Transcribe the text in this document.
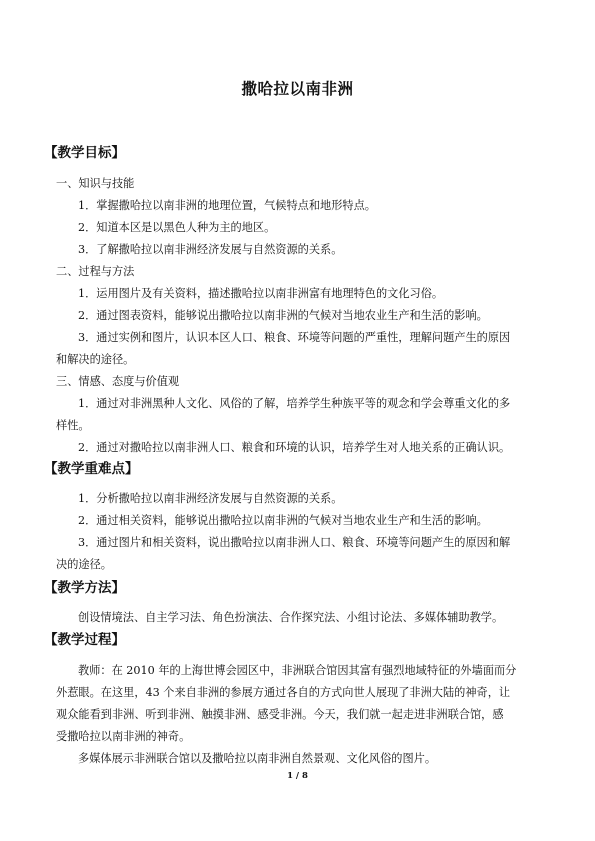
撒哈拉以南非洲
【教学目标】
一、知识与技能
1．掌握撒哈拉以南非洲的地理位置，气候特点和地形特点。
2．知道本区是以黑色人种为主的地区。
3．了解撒哈拉以南非洲经济发展与自然资源的关系。
二、过程与方法
1．运用图片及有关资料，描述撒哈拉以南非洲富有地理特色的文化习俗。
2．通过图表资料，能够说出撒哈拉以南非洲的气候对当地农业生产和生活的影响。
3．通过实例和图片，认识本区人口、粮食、环境等问题的严重性，理解问题产生的原因
和解决的途径。
三、情感、态度与价值观
1．通过对非洲黑种人文化、风俗的了解，培养学生种族平等的观念和学会尊重文化的多
样性。
2．通过对撒哈拉以南非洲人口、粮食和环境的认识，培养学生对人地关系的正确认识。
【教学重难点】
1．分析撒哈拉以南非洲经济发展与自然资源的关系。
2．通过相关资料，能够说出撒哈拉以南非洲的气候对当地农业生产和生活的影响。
3．通过图片和相关资料，说出撒哈拉以南非洲人口、粮食、环境等问题产生的原因和解
决的途径。
【教学方法】
创设情境法、自主学习法、角色扮演法、合作探究法、小组讨论法、多媒体辅助教学。
【教学过程】
教师：在 2010 年的上海世博会园区中，非洲联合馆因其富有强烈地域特征的外墙面而分
外惹眼。在这里，43 个来自非洲的参展方通过各自的方式向世人展现了非洲大陆的神奇，让
观众能看到非洲、听到非洲、触摸非洲、感受非洲。今天，我们就一起走进非洲联合馆，感
受撒哈拉以南非洲的神奇。
多媒体展示非洲联合馆以及撒哈拉以南非洲自然景观、文化风俗的图片。
1 / 8
